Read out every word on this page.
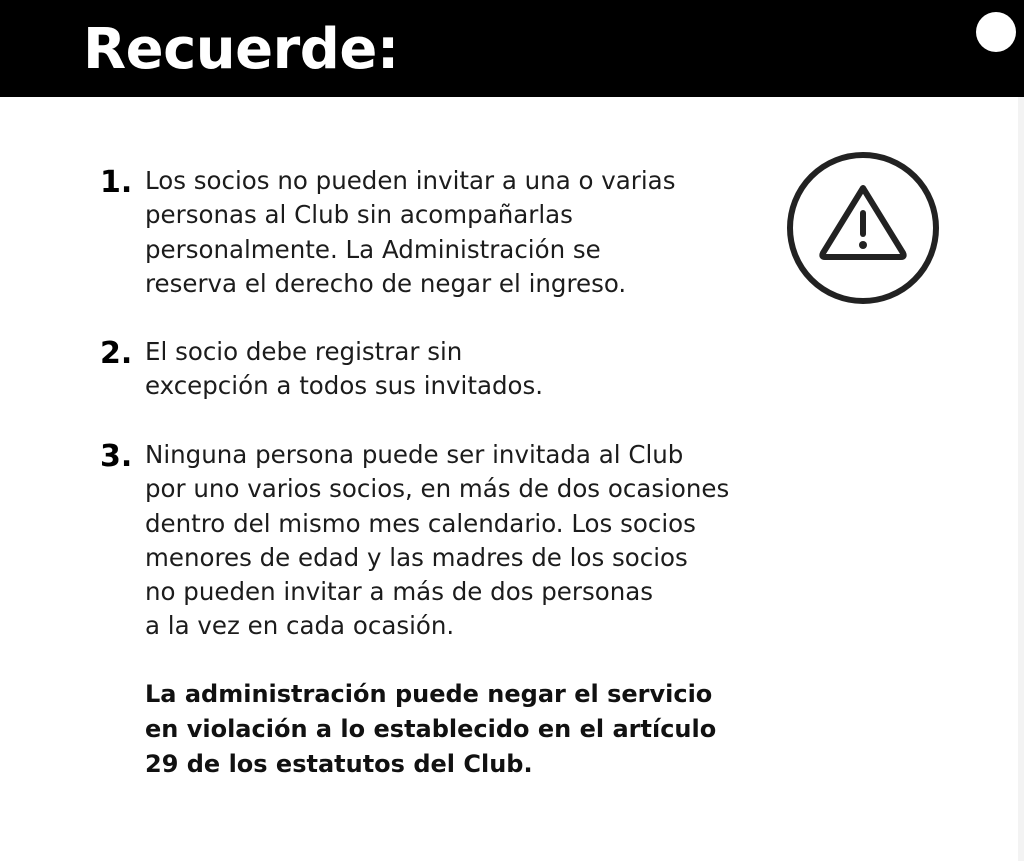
Recuerde:
1. Los socios no pueden invitar a una o varias
personas al Club sin acompañarlas
personalmente. La Administración se
reserva el derecho de negar el ingreso.

2. El socio debe registrar sin
excepción a todos sus invitados.

3. Ninguna persona puede ser invitada al Club
por uno varios socios, en más de dos ocasiones
dentro del mismo mes calendario. Los socios
menores de edad y las madres de los socios
no pueden invitar a más de dos personas
a la vez en cada ocasión.

La administración puede negar el servicio
en violación a lo establecido en el artículo
29 de los estatutos del Club.
